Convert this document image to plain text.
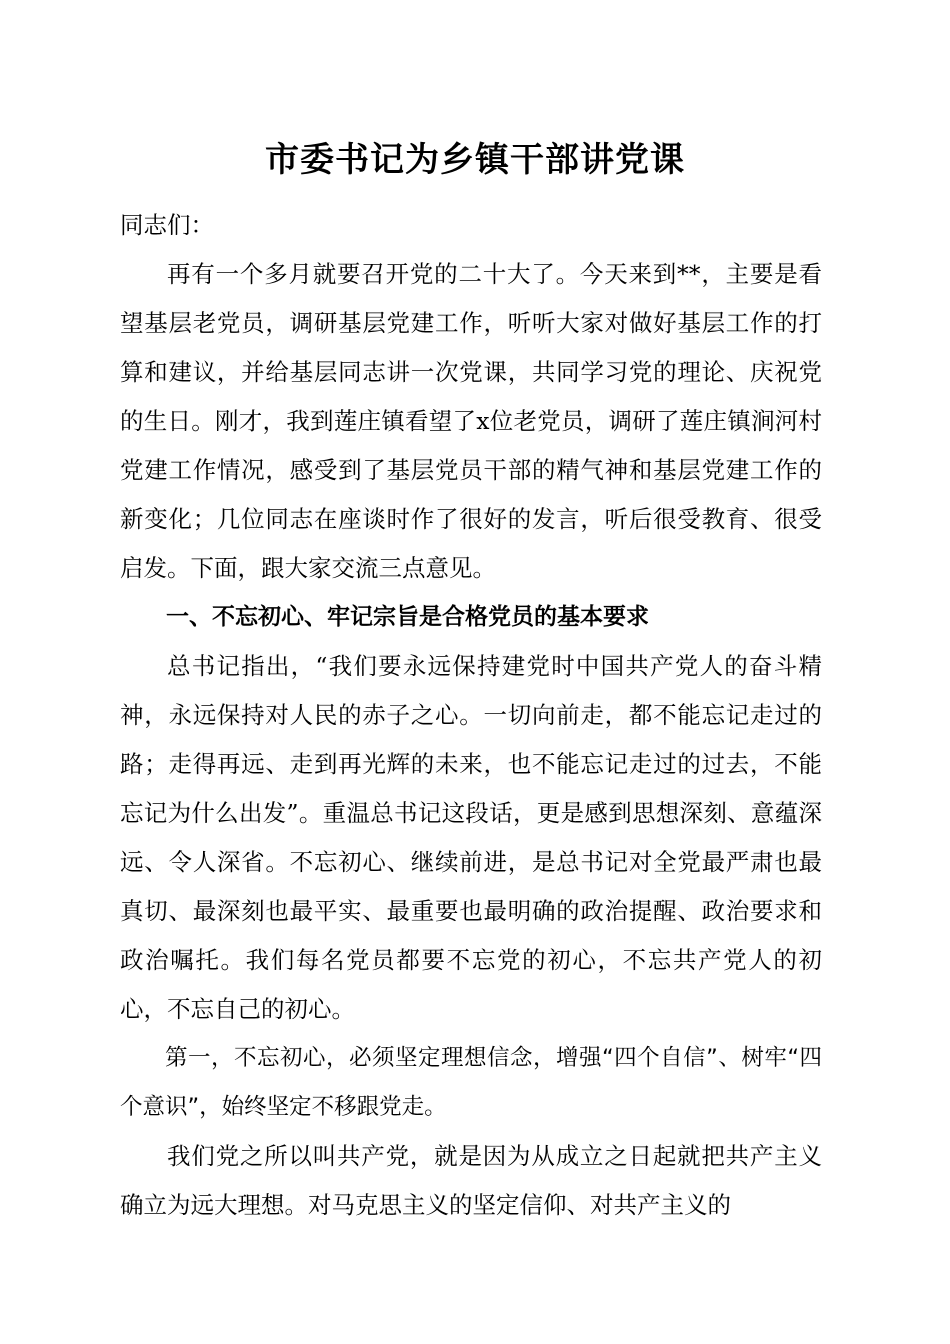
市委书记为乡镇干部讲党课

同志们：

再有一个多月就要召开党的二十大了。今天来到**，主要是看望基层老党员，调研基层党建工作，听听大家对做好基层工作的打算和建议，并给基层同志讲一次党课，共同学习党的理论、庆祝党的生日。刚才，我到莲庄镇看望了x位老党员，调研了莲庄镇涧河村党建工作情况，感受到了基层党员干部的精气神和基层党建工作的新变化；几位同志在座谈时作了很好的发言，听后很受教育、很受启发。下面，跟大家交流三点意见。

一、不忘初心、牢记宗旨是合格党员的基本要求

总书记指出，“我们要永远保持建党时中国共产党人的奋斗精神，永远保持对人民的赤子之心。一切向前走，都不能忘记走过的路；走得再远、走到再光辉的未来，也不能忘记走过的过去，不能忘记为什么出发”。重温总书记这段话，更是感到思想深刻、意蕴深远、令人深省。不忘初心、继续前进，是总书记对全党最严肃也最真切、最深刻也最平实、最重要也最明确的政治提醒、政治要求和政治嘱托。我们每名党员都要不忘党的初心，不忘共产党人的初心，不忘自己的初心。

第一，不忘初心，必须坚定理想信念，增强“四个自信”、树牢“四个意识”，始终坚定不移跟党走。

我们党之所以叫共产党，就是因为从成立之日起就把共产主义确立为远大理想。对马克思主义的坚定信仰、对共产主义的
